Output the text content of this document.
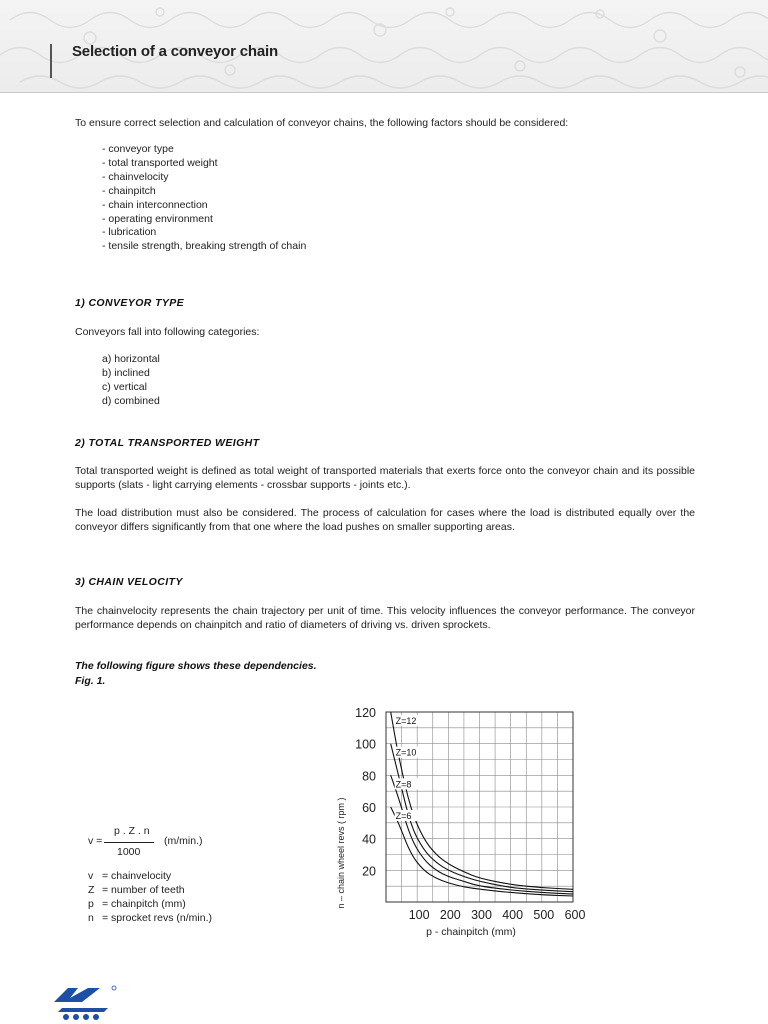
Selection of a conveyor chain
To ensure correct selection and calculation of conveyor chains, the following factors should be considered:
- conveyor type
- total transported weight
- chainvelocity
- chainpitch
- chain interconnection
- operating environment
- lubrication
- tensile strength, breaking strength of chain
1) CONVEYOR TYPE
Conveyors fall into following categories:
a) horizontal
b) inclined
c) vertical
d) combined
2) TOTAL TRANSPORTED WEIGHT
Total transported weight is defined as total weight of transported materials that exerts force onto the conveyor chain and its possible supports (slats - light carrying elements - crossbar supports - joints etc.).
The load distribution must also be considered. The process of calculation for cases where the load is distributed equally over the conveyor differs significantly from that one where the load pushes on smaller supporting areas.
3) CHAIN VELOCITY
The chainvelocity represents the chain trajectory per unit of time. This velocity influences the conveyor performance. The conveyor performance depends on chainpitch and ratio of diameters of driving vs. driven sprockets.
The following figure shows these dependencies.
Fig. 1.
v =
p . Z . n
1000
(m/min.)
v = chainvelocity
Z = number of teeth
p = chainpitch (mm)
n = sprocket revs (n/min.)	100 200 300 400 500 600
20
40
60
80
100
120
Z=12
Z=10
Z=8
Z=6
p - chainpitch (mm)
n – chain wheel revs ( rpm )
